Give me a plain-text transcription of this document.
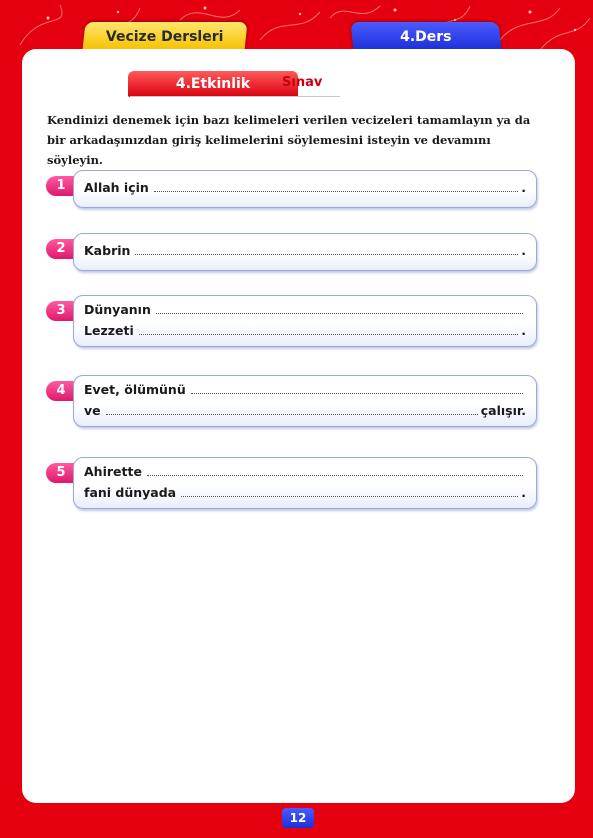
Vecize Dersleri	4.Ders
4.Etkinlik	Sınav
Kendinizi denemek için bazı kelimeleri verilen vecizeleri tamamlayın ya da bir arkadaşınızdan giriş kelimelerini söylemesini isteyin ve devamını söyleyin.
1	Allah için	.
2	Kabrin	.
3	Dünyanın
Lezzeti	.
4	Evet, ölümünü
ve	çalışır.
5	Ahirette
fani dünyada	.
12
